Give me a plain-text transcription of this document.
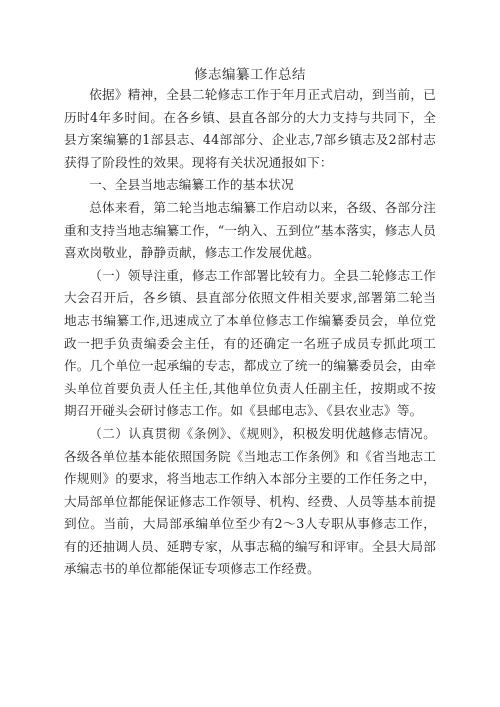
修志编纂工作总结

依据》精神，全县二轮修志工作于年月正式启动，到当前，已历时4年多时间。在各乡镇、县直各部分的大力支持与共同下，全县方案编纂的1部县志、44部部分、企业志,7部乡镇志及2部村志获得了阶段性的效果。现将有关状况通报如下：

一、全县当地志编纂工作的基本状况

总体来看，第二轮当地志编纂工作启动以来，各级、各部分注重和支持当地志编纂工作，“一纳入、五到位”基本落实，修志人员喜欢岗敬业，静静贡献，修志工作发展优越。

（一）领导注重，修志工作部署比较有力。全县二轮修志工作大会召开后，各乡镇、县直部分依照文件相关要求,部署第二轮当地志书编纂工作,迅速成立了本单位修志工作编纂委员会，单位党政一把手负责编委会主任，有的还确定一名班子成员专抓此项工作。几个单位一起承编的专志，都成立了统一的编纂委员会，由牵头单位首要负责人任主任,其他单位负责人任副主任，按期或不按期召开碰头会研讨修志工作。如《县邮电志》、《县农业志》等。

（二）认真贯彻《条例》、《规则》，积极发明优越修志情况。各级各单位基本能依照国务院《当地志工作条例》和《省当地志工作规则》的要求，将当地志工作纳入本部分主要的工作任务之中，大局部单位都能保证修志工作领导、机构、经费、人员等基本前提到位。当前，大局部承编单位至少有2～3人专职从事修志工作，有的还抽调人员、延聘专家，从事志稿的编写和评审。全县大局部承编志书的单位都能保证专项修志工作经费。
